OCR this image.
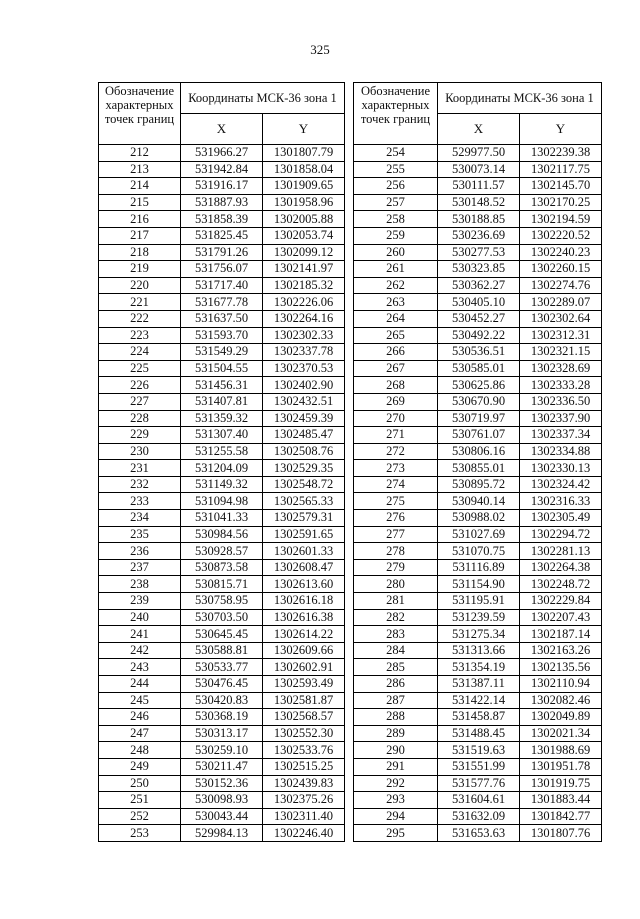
325
Обозначение характерных точек границ	Координаты МСК-36 зона 1	
	X	Y
212	531966.27	1301807.79
213	531942.84	1301858.04
214	531916.17	1301909.65
215	531887.93	1301958.96
216	531858.39	1302005.88
217	531825.45	1302053.74
218	531791.26	1302099.12
219	531756.07	1302141.97
220	531717.40	1302185.32
221	531677.78	1302226.06
222	531637.50	1302264.16
223	531593.70	1302302.33
224	531549.29	1302337.78
225	531504.55	1302370.53
226	531456.31	1302402.90
227	531407.81	1302432.51
228	531359.32	1302459.39
229	531307.40	1302485.47
230	531255.58	1302508.76
231	531204.09	1302529.35
232	531149.32	1302548.72
233	531094.98	1302565.33
234	531041.33	1302579.31
235	530984.56	1302591.65
236	530928.57	1302601.33
237	530873.58	1302608.47
238	530815.71	1302613.60
239	530758.95	1302616.18
240	530703.50	1302616.38
241	530645.45	1302614.22
242	530588.81	1302609.66
243	530533.77	1302602.91
244	530476.45	1302593.49
245	530420.83	1302581.87
246	530368.19	1302568.57
247	530313.17	1302552.30
248	530259.10	1302533.76
249	530211.47	1302515.25
250	530152.36	1302439.83
251	530098.93	1302375.26
252	530043.44	1302311.40
253	529984.13	1302246.40
Обозначение характерных точек границ	Координаты МСК-36 зона 1	
	X	Y
254	529977.50	1302239.38
255	530073.14	1302117.75
256	530111.57	1302145.70
257	530148.52	1302170.25
258	530188.85	1302194.59
259	530236.69	1302220.52
260	530277.53	1302240.23
261	530323.85	1302260.15
262	530362.27	1302274.76
263	530405.10	1302289.07
264	530452.27	1302302.64
265	530492.22	1302312.31
266	530536.51	1302321.15
267	530585.01	1302328.69
268	530625.86	1302333.28
269	530670.90	1302336.50
270	530719.97	1302337.90
271	530761.07	1302337.34
272	530806.16	1302334.88
273	530855.01	1302330.13
274	530895.72	1302324.42
275	530940.14	1302316.33
276	530988.02	1302305.49
277	531027.69	1302294.72
278	531070.75	1302281.13
279	531116.89	1302264.38
280	531154.90	1302248.72
281	531195.91	1302229.84
282	531239.59	1302207.43
283	531275.34	1302187.14
284	531313.66	1302163.26
285	531354.19	1302135.56
286	531387.11	1302110.94
287	531422.14	1302082.46
288	531458.87	1302049.89
289	531488.45	1302021.34
290	531519.63	1301988.69
291	531551.99	1301951.78
292	531577.76	1301919.75
293	531604.61	1301883.44
294	531632.09	1301842.77
295	531653.63	1301807.76
